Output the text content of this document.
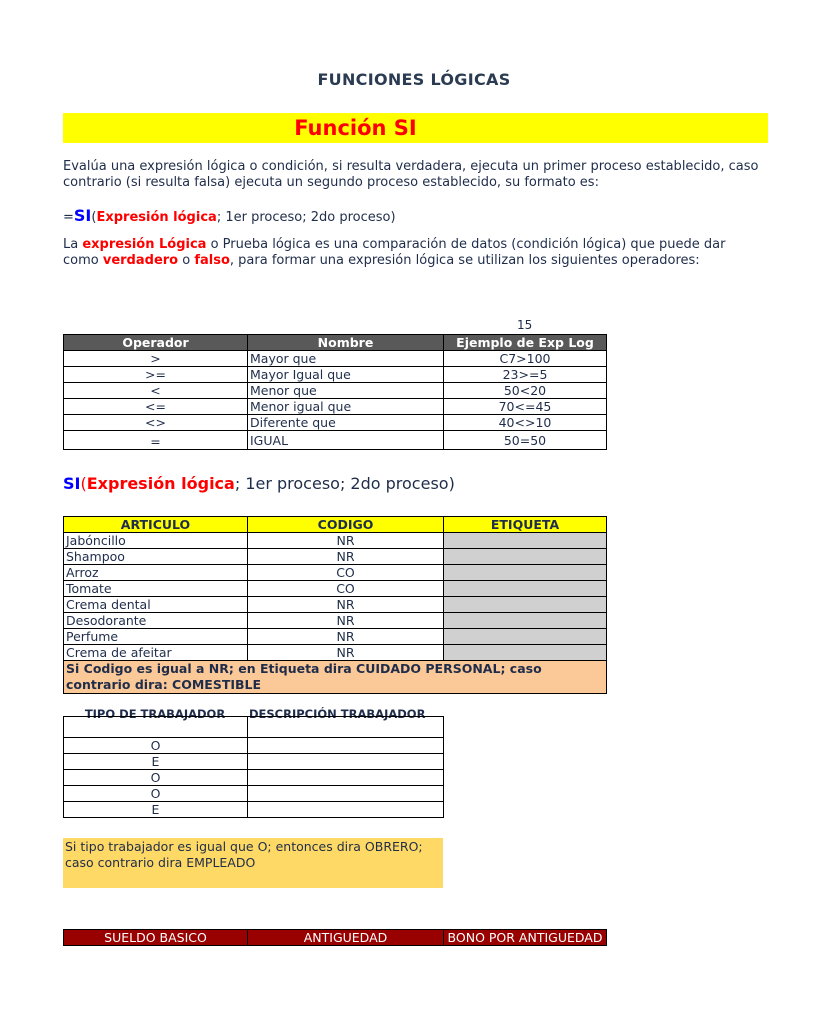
FUNCIONES LÓGICAS
Función SI
Evalúa una expresión lógica o condición, si resulta verdadera, ejecuta un primer proceso establecido, caso
contrario (si resulta falsa) ejecuta un segundo proceso establecido, su formato es:
=SI(Expresión lógica; 1er proceso; 2do proceso)
La expresión Lógica o Prueba lógica es una comparación de datos (condición lógica) que puede dar
como verdadero o falso, para formar una expresión lógica se utilizan los siguientes operadores:
15
Operador	Nombre	Ejemplo de Exp Log
>	Mayor que	C7>100
>=	Mayor Igual que	23>=5
<	Menor que	50<20
<=	Menor igual que	70<=45
<>	Diferente que	40<>10
=	IGUAL	50=50
SI(Expresión lógica; 1er proceso; 2do proceso)
ARTICULO	CODIGO	ETIQUETA
Jabóncillo	NR	
Shampoo	NR	
Arroz	CO	
Tomate	CO	
Crema dental	NR	
Desodorante	NR	
Perfume	NR	
Crema de afeitar	NR	
Si Codigo es igual a NR; en Etiqueta dira CUIDADO PERSONAL; caso contrario dira: COMESTIBLE		
TIPO DE TRABAJADOR	DESCRIPCIÓN TRABAJADOR

O	
E	
O	
O	
E	
Si tipo trabajador es igual que O; entonces dira OBRERO; caso contrario dira EMPLEADO
SUELDO BASICO	ANTIGUEDAD	BONO POR ANTIGUEDAD
